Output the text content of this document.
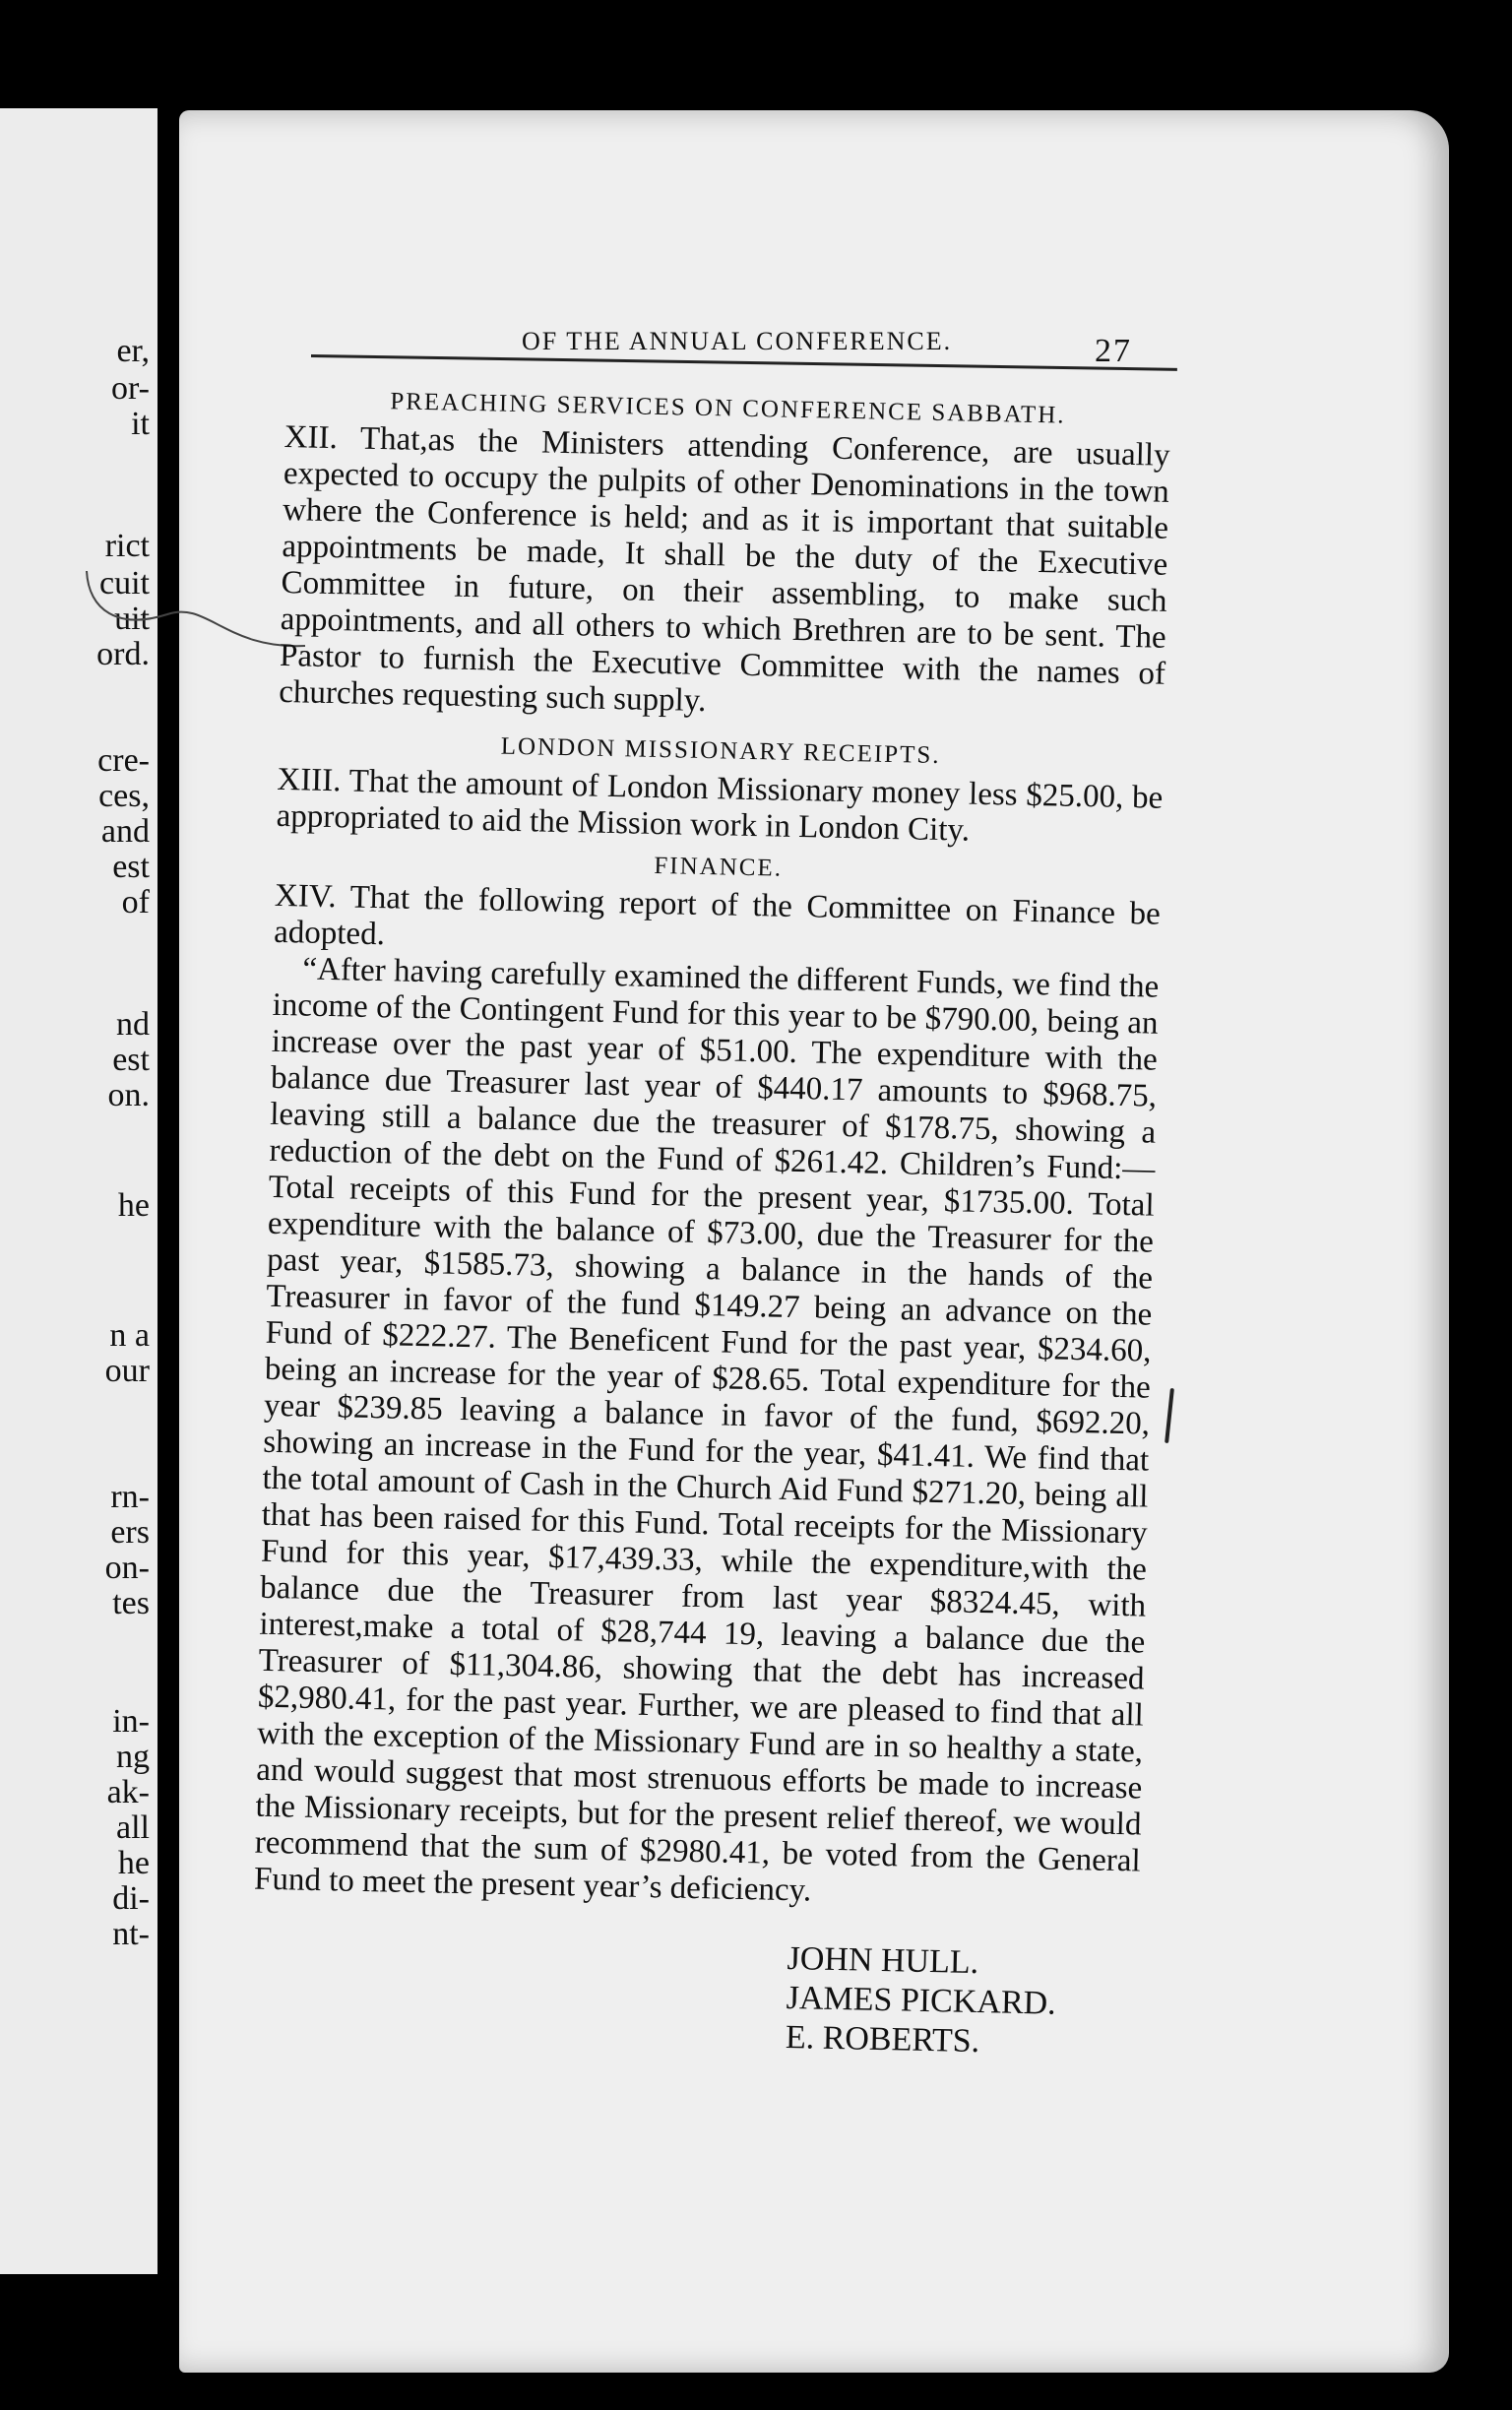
er,
or-
it
rict
cuit
uit
ord.
cre-
ces,
and
est
of
nd
est
on.
he
n a
our
rn-
ers
on-
tes
in-
ng
ak-
all
he
di-
nt-
OF THE ANNUAL CONFERENCE.	27
PREACHING SERVICES ON CONFERENCE SABBATH.

XII. That,as the Ministers attending Conference, are usually expected to occupy the pulpits of other Denominations in the town where the Conference is held; and as it is important that suitable appointments be made, It shall be the duty of the Executive Committee in future, on their assembling, to make such appointments, and all others to which Brethren are to be sent. The Pastor to furnish the Executive Committee with the names of churches requesting such supply.

LONDON MISSIONARY RECEIPTS.

XIII. That the amount of London Missionary money less $25.00, be appropriated to aid the Mission work in London City.

FINANCE.

XIV. That the following report of the Committee on Finance be adopted.

“After having carefully examined the different Funds, we find the income of the Contingent Fund for this year to be $790.00, being an increase over the past year of $51.00. The expenditure with the balance due Treasurer last year of $440.17 amounts to $968.75, leaving still a balance due the treasurer of $178.75, showing a reduction of the debt on the Fund of $261.42. Children’s Fund:—Total receipts of this Fund for the present year, $1735.00. Total expenditure with the balance of $73.00, due the Treasurer for the past year, $1585.73, showing a balance in the hands of the Treasurer in favor of the fund $149.27 being an advance on the Fund of $222.27. The Beneficent Fund for the past year, $234.60, being an increase for the year of $28.65. Total expenditure for the year $239.85 leaving a balance in favor of the fund, $692.20, showing an increase in the Fund for the year, $41.41. We find that the total amount of Cash in the Church Aid Fund $271.20, being all that has been raised for this Fund. Total receipts for the Missionary Fund for this year, $17,439.33, while the expenditure,with the balance due the Treasurer from last year $8324.45, with interest,make a total of $28,744 19, leaving a balance due the Treasurer of $11,304.86, showing that the debt has increased $2,980.41, for the past year. Further, we are pleased to find that all with the exception of the Missionary Fund are in so healthy a state, and would suggest that most strenuous efforts be made to increase the Missionary receipts, but for the present relief thereof, we would recommend that the sum of $2980.41, be voted from the General Fund to meet the present year’s deficiency.

JOHN HULL.
JAMES PICKARD.
E. ROBERTS.
